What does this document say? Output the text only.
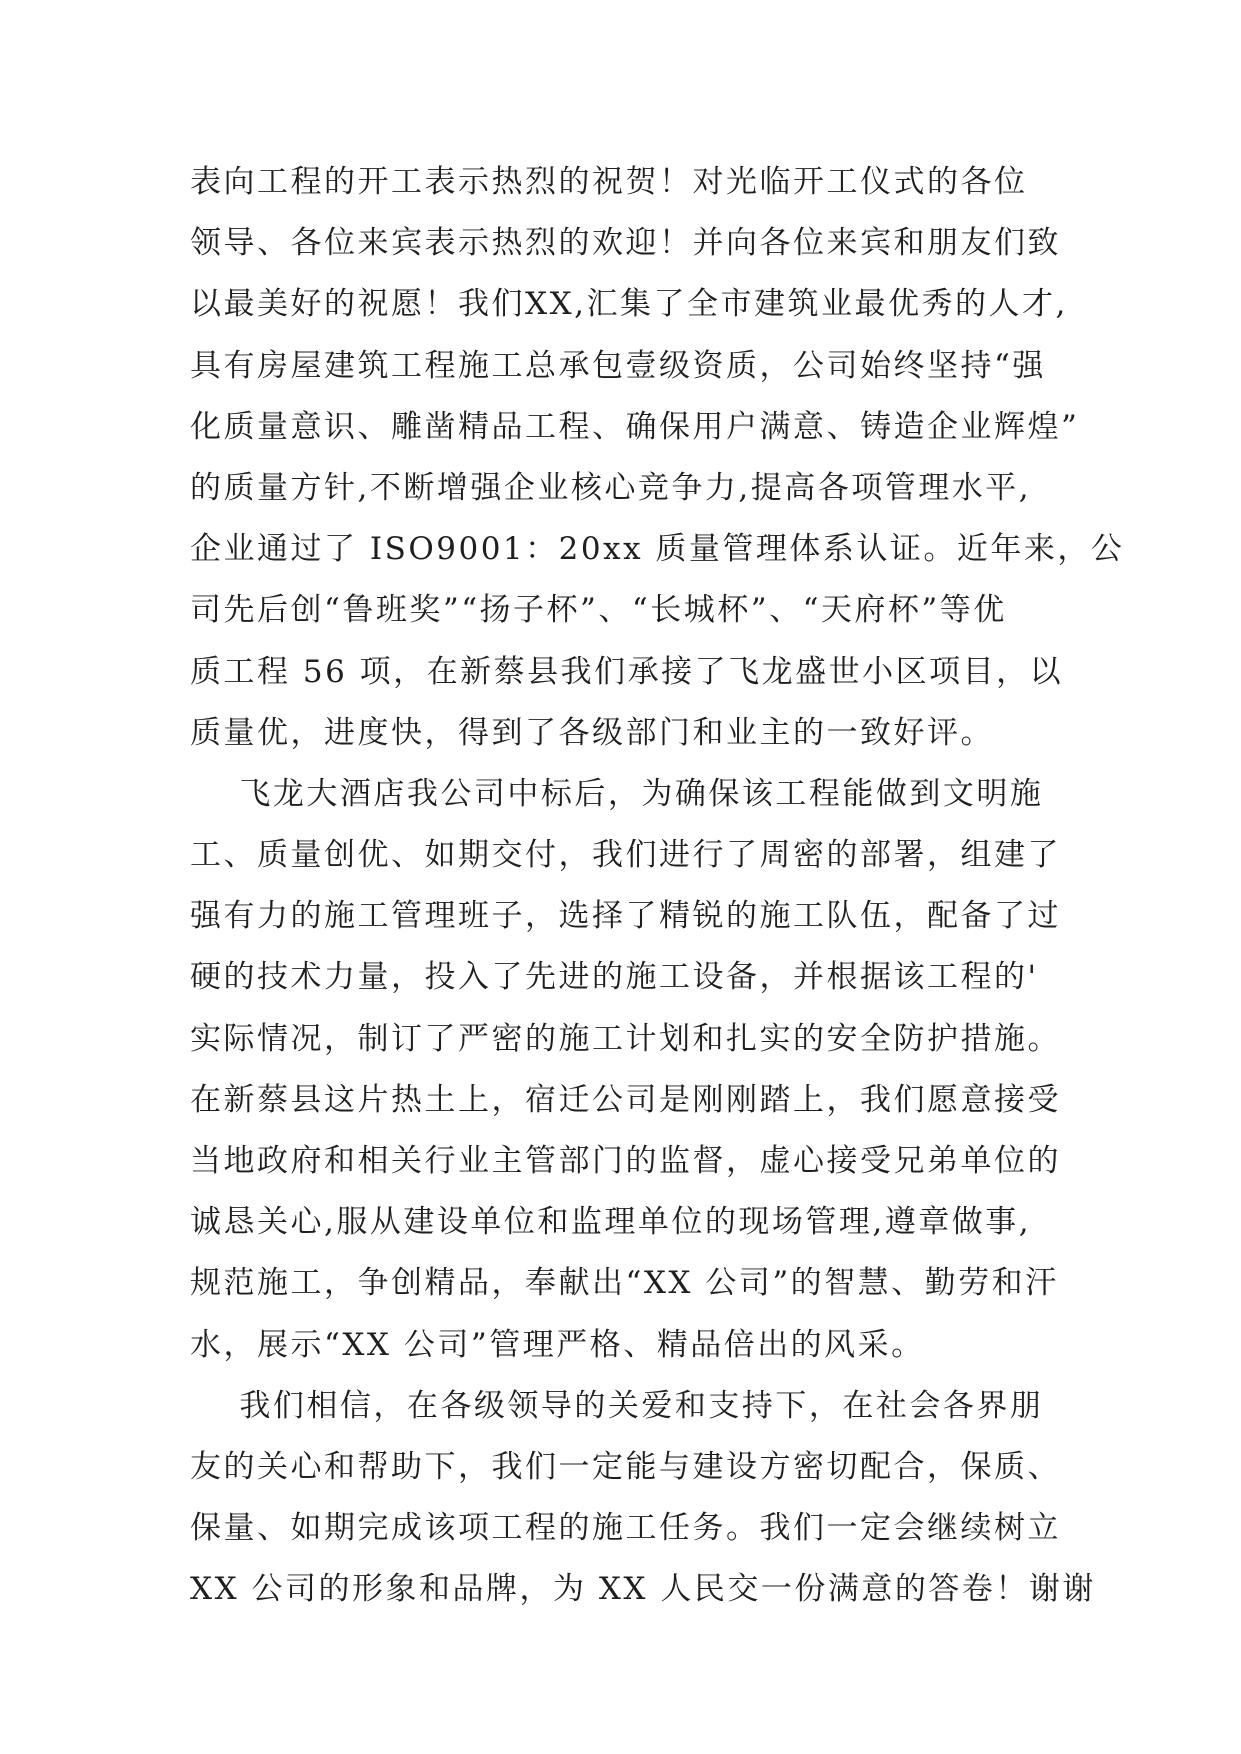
表向工程的开工表示热烈的祝贺！对光临开工仪式的各位
领导、各位来宾表示热烈的欢迎！并向各位来宾和朋友们致
以最美好的祝愿！我们XX,汇集了全市建筑业最优秀的人才,
具有房屋建筑工程施工总承包壹级资质，公司始终坚持“强
化质量意识、雕凿精品工程、确保用户满意、铸造企业辉煌”
的质量方针,不断增强企业核心竞争力,提高各项管理水平,
企业通过了 ISO9001：20xx 质量管理体系认证。近年来，公
司先后创“鲁班奖”“扬子杯”、“长城杯”、“天府杯”等优
质工程 56 项，在新蔡县我们承接了飞龙盛世小区项目，以
质量优，进度快，得到了各级部门和业主的一致好评。
飞龙大酒店我公司中标后，为确保该工程能做到文明施
工、质量创优、如期交付，我们进行了周密的部署，组建了
强有力的施工管理班子，选择了精锐的施工队伍，配备了过
硬的技术力量，投入了先进的施工设备，并根据该工程的'
实际情况，制订了严密的施工计划和扎实的安全防护措施。
在新蔡县这片热土上，宿迁公司是刚刚踏上，我们愿意接受
当地政府和相关行业主管部门的监督，虚心接受兄弟单位的
诚恳关心,服从建设单位和监理单位的现场管理,遵章做事,
规范施工，争创精品，奉献出“XX 公司”的智慧、勤劳和汗
水，展示“XX 公司”管理严格、精品倍出的风采。
我们相信，在各级领导的关爱和支持下，在社会各界朋
友的关心和帮助下，我们一定能与建设方密切配合，保质、
保量、如期完成该项工程的施工任务。我们一定会继续树立
XX 公司的形象和品牌，为 XX 人民交一份满意的答卷！谢谢
